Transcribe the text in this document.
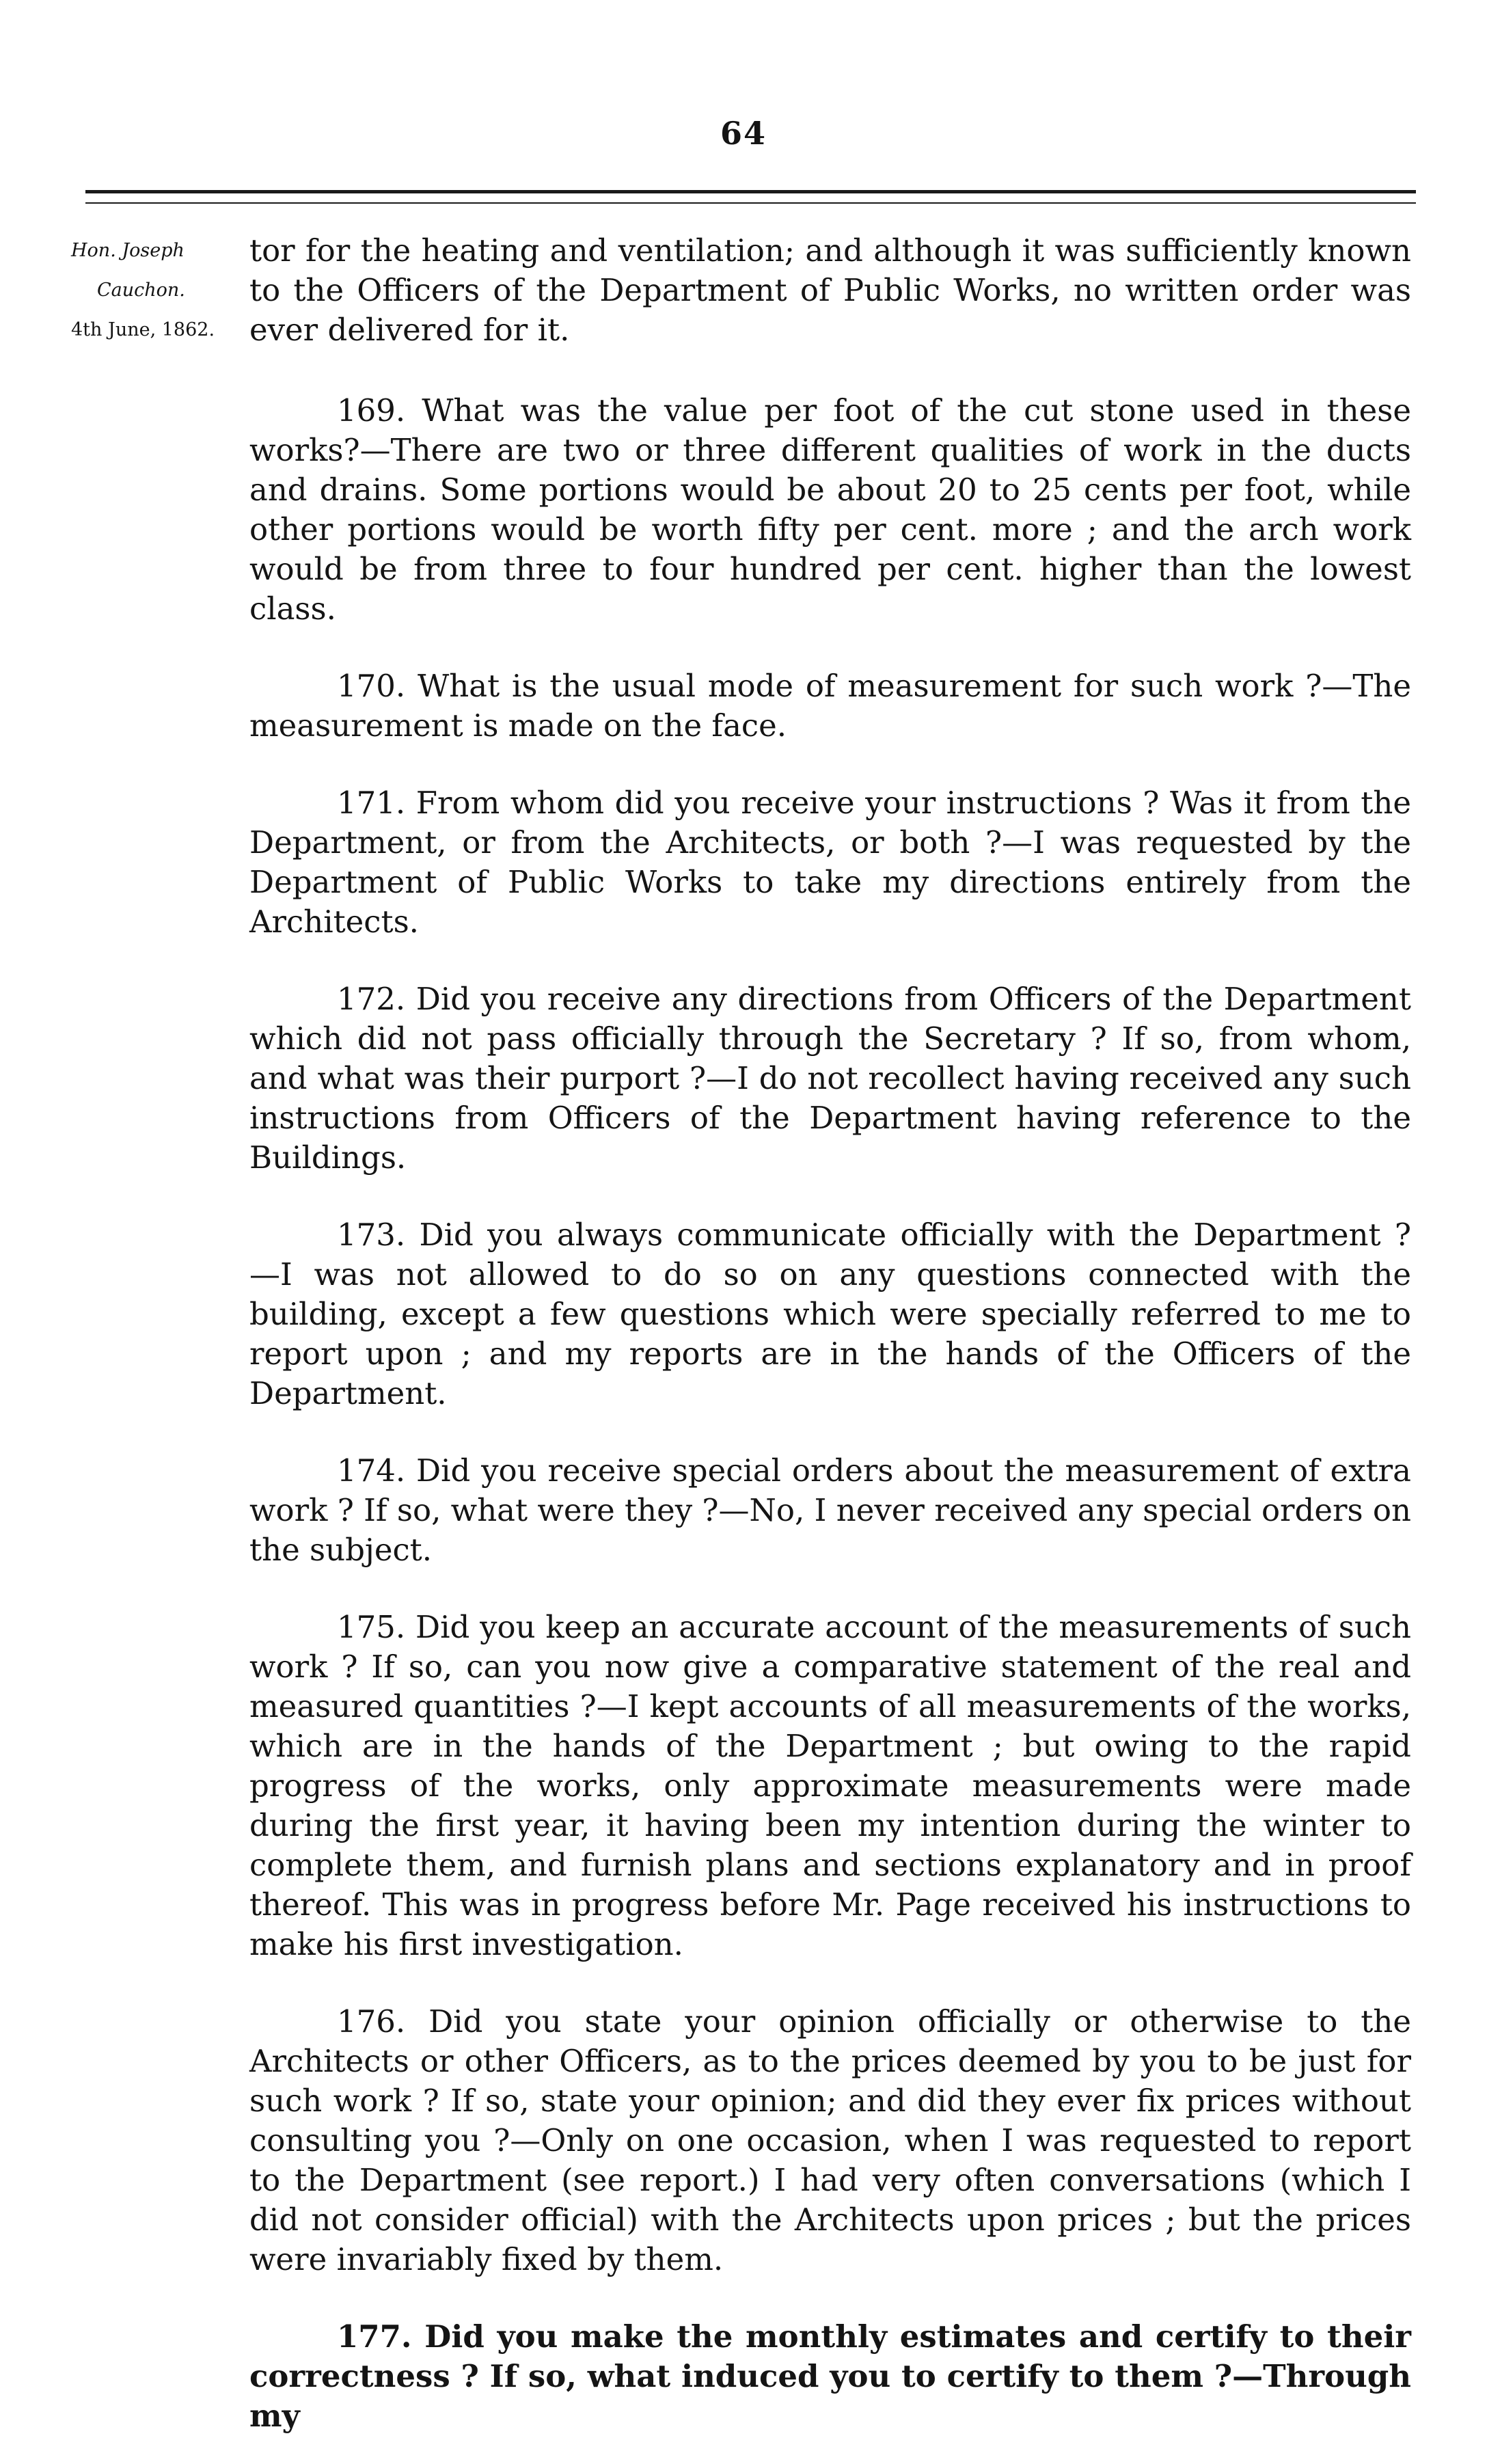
64
Hon. Joseph
Cauchon.
4th June, 1862.

tor for the heating and ventilation; and although it was sufficiently known to the Officers of the Department of Public Works, no written order was ever delivered for it.

169. What was the value per foot of the cut stone used in these works?—There are two or three different qualities of work in the ducts and drains. Some portions would be about 20 to 25 cents per foot, while other portions would be worth fifty per cent. more ; and the arch work would be from three to four hundred per cent. higher than the lowest class.

170. What is the usual mode of measurement for such work ?—The measurement is made on the face.

171. From whom did you receive your instructions ? Was it from the Department, or from the Architects, or both ?—I was requested by the Department of Public Works to take my directions entirely from the Architects.

172. Did you receive any directions from Officers of the Department which did not pass officially through the Secretary ? If so, from whom, and what was their purport ?—I do not recollect having received any such instructions from Officers of the Department having reference to the Buildings.

173. Did you always communicate officially with the Department ? —I was not allowed to do so on any questions connected with the building, except a few questions which were specially referred to me to report upon ; and my reports are in the hands of the Officers of the Department.

174. Did you receive special orders about the measurement of extra work ? If so, what were they ?—No, I never received any special orders on the subject.

175. Did you keep an accurate account of the measurements of such work ? If so, can you now give a comparative statement of the real and measured quantities ?—I kept accounts of all measurements of the works, which are in the hands of the Department ; but owing to the rapid progress of the works, only approximate measurements were made during the first year, it having been my intention during the winter to complete them, and furnish plans and sections explanatory and in proof thereof. This was in progress before Mr. Page received his instructions to make his first investigation.

176. Did you state your opinion officially or otherwise to the Architects or other Officers, as to the prices deemed by you to be just for such work ? If so, state your opinion; and did they ever fix prices without consulting you ?—Only on one occasion, when I was requested to report to the Department (see report.) I had very often conversations (which I did not consider official) with the Architects upon prices ; but the prices were invariably fixed by them.

177. Did you make the monthly estimates and certify to their correctness ? If so, what induced you to certify to them ?—Through my
